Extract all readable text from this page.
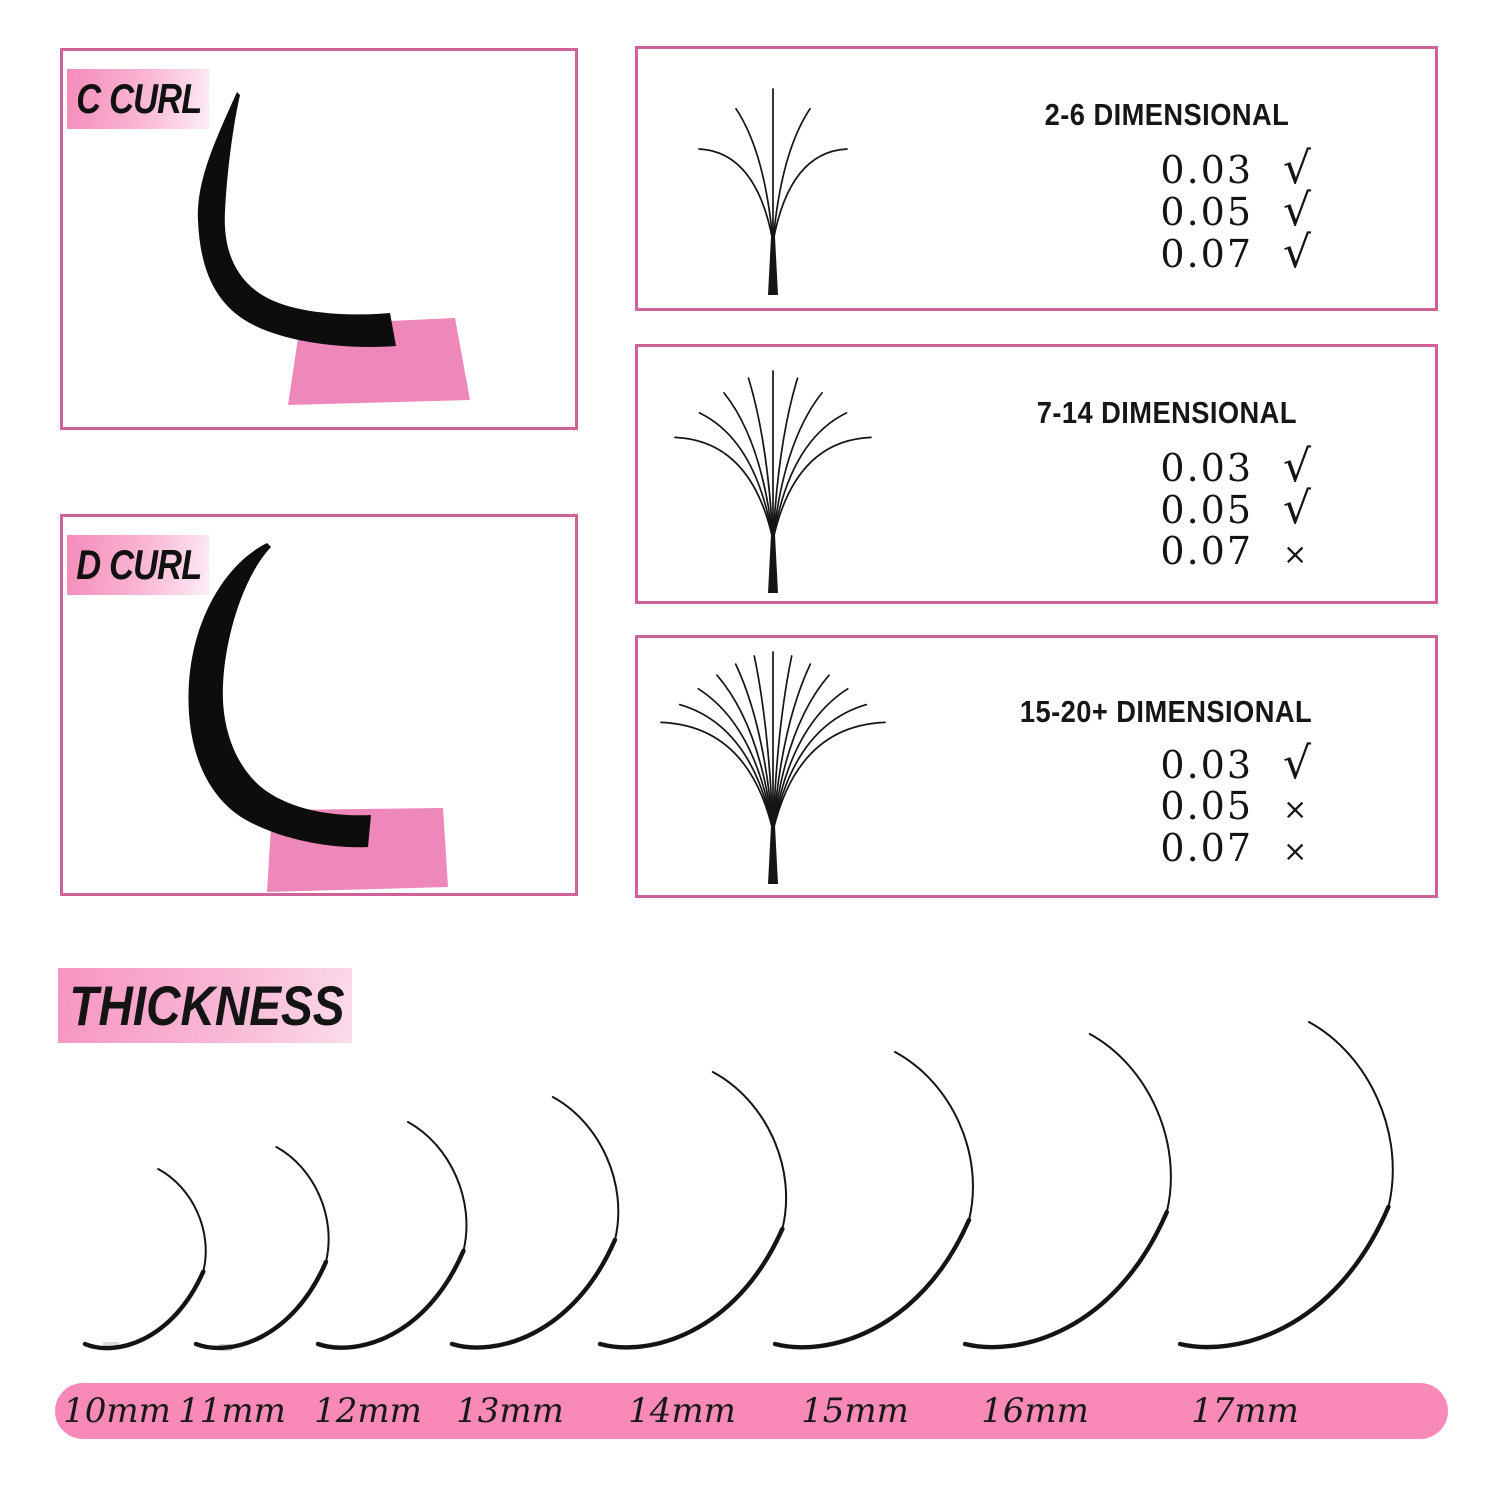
C CURL
D CURL
2-6 DIMENSIONAL
0.03 √
0.05 √
0.07 √
7-14 DIMENSIONAL
0.03 √
0.05 √
0.07 ×
15-20+ DIMENSIONAL
0.03 √
0.05 ×
0.07 ×
THICKNESS
10mm 11mm 12mm 13mm 14mm 15mm 16mm	17mm
